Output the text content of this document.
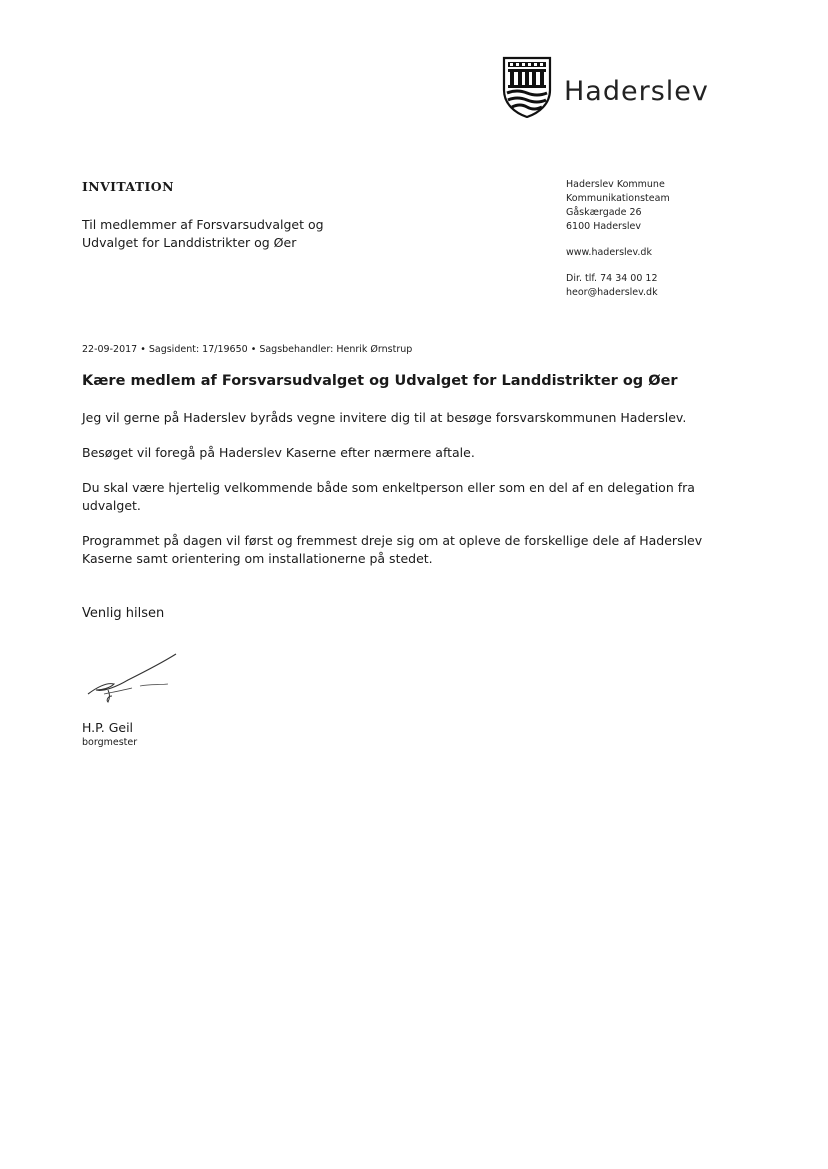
Haderslev
INVITATION
Til medlemmer af Forsvarsudvalget og
Udvalget for Landdistrikter og Øer
Haderslev Kommune
Kommunikationsteam
Gåskærgade 26
6100 Haderslev
www.haderslev.dk
Dir. tlf. 74 34 00 12
heor@haderslev.dk
22-09-2017 • Sagsident: 17/19650 • Sagsbehandler: Henrik Ørnstrup
Kære medlem af Forsvarsudvalget og Udvalget for Landdistrikter og Øer

Jeg vil gerne på Haderslev byråds vegne invitere dig til at besøge forsvarskommunen Haderslev.

Besøget vil foregå på Haderslev Kaserne efter nærmere aftale.

Du skal være hjertelig velkommende både som enkeltperson eller som en del af en delegation fra udvalget.

Programmet på dagen vil først og fremmest dreje sig om at opleve de forskellige dele af Haderslev Kaserne samt orientering om installationerne på stedet.

Venlig hilsen
H.P. Geil
borgmester
